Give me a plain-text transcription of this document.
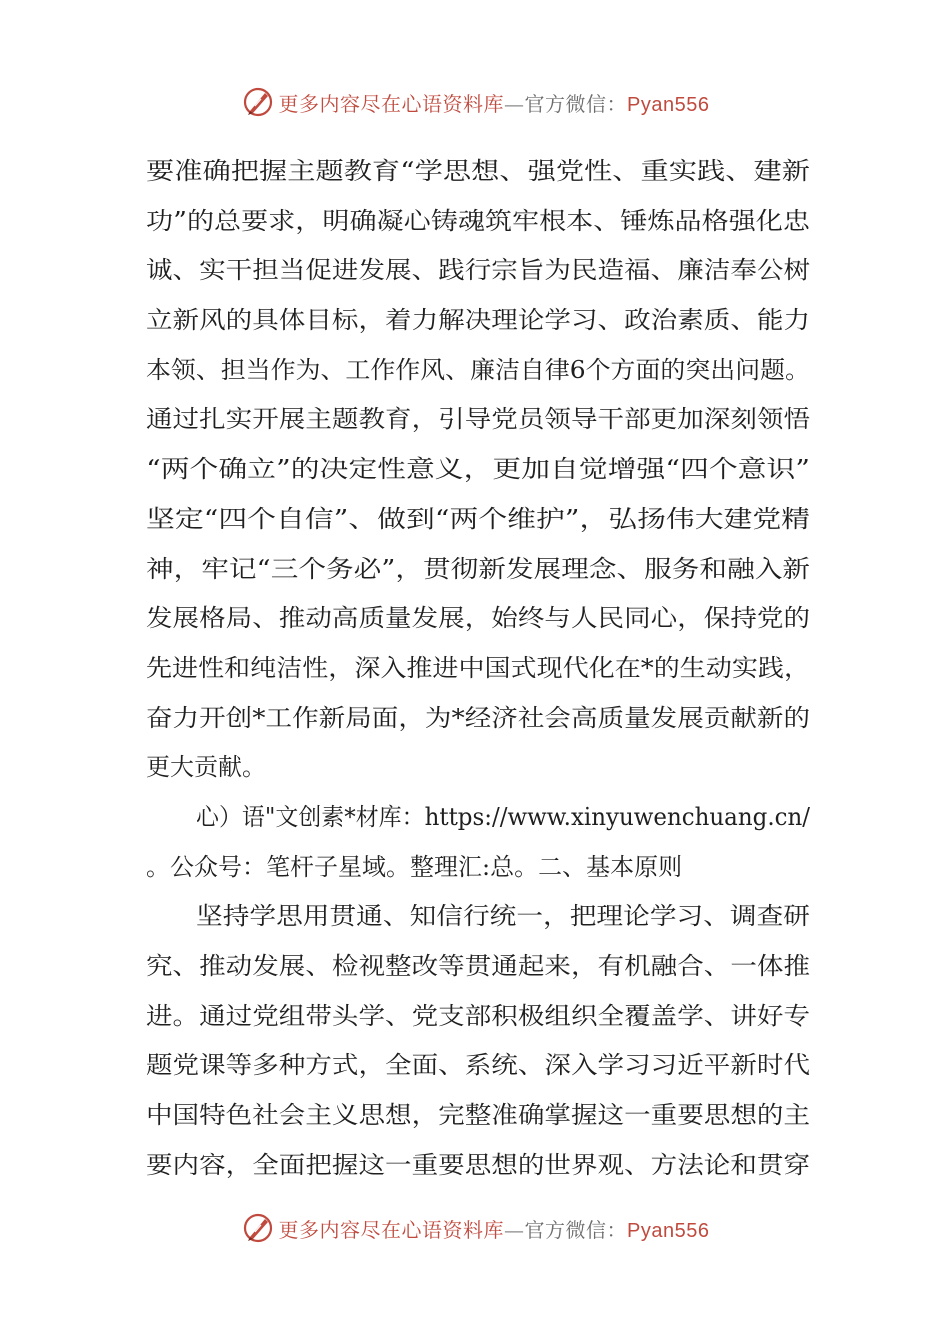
更多内容尽在心语资料库—官方微信：Pyan556
要准确把握主题教育“学思想、强党性、重实践、建新
功”的总要求，明确凝心铸魂筑牢根本、锤炼品格强化忠
诚、实干担当促进发展、践行宗旨为民造福、廉洁奉公树
立新风的具体目标，着力解决理论学习、政治素质、能力
本领、担当作为、工作作风、廉洁自律6个方面的突出问题。
通过扎实开展主题教育，引导党员领导干部更加深刻领悟
“两个确立”的决定性意义，更加自觉增强“四个意识”
坚定“四个自信”、做到“两个维护”，弘扬伟大建党精
神，牢记“三个务必”，贯彻新发展理念、服务和融入新
发展格局、推动高质量发展，始终与人民同心，保持党的
先进性和纯洁性，深入推进中国式现代化在*的生动实践，
奋力开创*工作新局面，为*经济社会高质量发展贡献新的
更大贡献。
心）语"文创素*材库：https://www.xinyuwenchuang.cn/
。公众号：笔杆子星域。整理汇:总。二、基本原则
坚持学思用贯通、知信行统一，把理论学习、调查研
究、推动发展、检视整改等贯通起来，有机融合、一体推
进。通过党组带头学、党支部积极组织全覆盖学、讲好专
题党课等多种方式，全面、系统、深入学习习近平新时代
中国特色社会主义思想，完整准确掌握这一重要思想的主
要内容，全面把握这一重要思想的世界观、方法论和贯穿
更多内容尽在心语资料库—官方微信：Pyan556
